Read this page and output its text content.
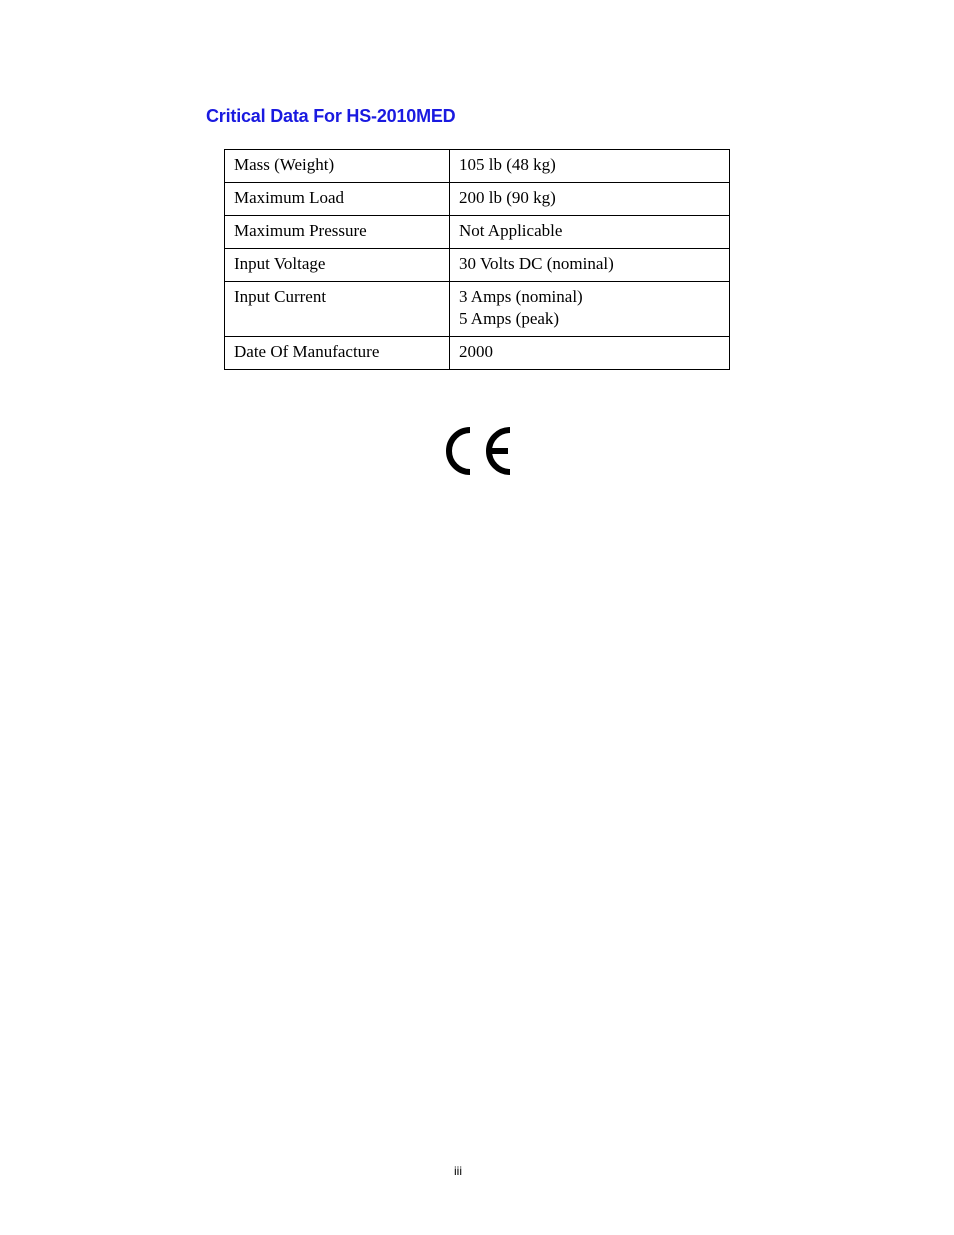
Critical Data For HS-2010MED
Mass (Weight)	105 lb (48 kg)

Maximum Load	200 lb (90 kg)

Maximum Pressure	Not Applicable

Input Voltage	30 Volts DC (nominal)

Input Current	3 Amps (nominal)
5 Amps (peak)

Date Of Manufacture	2000
iii
